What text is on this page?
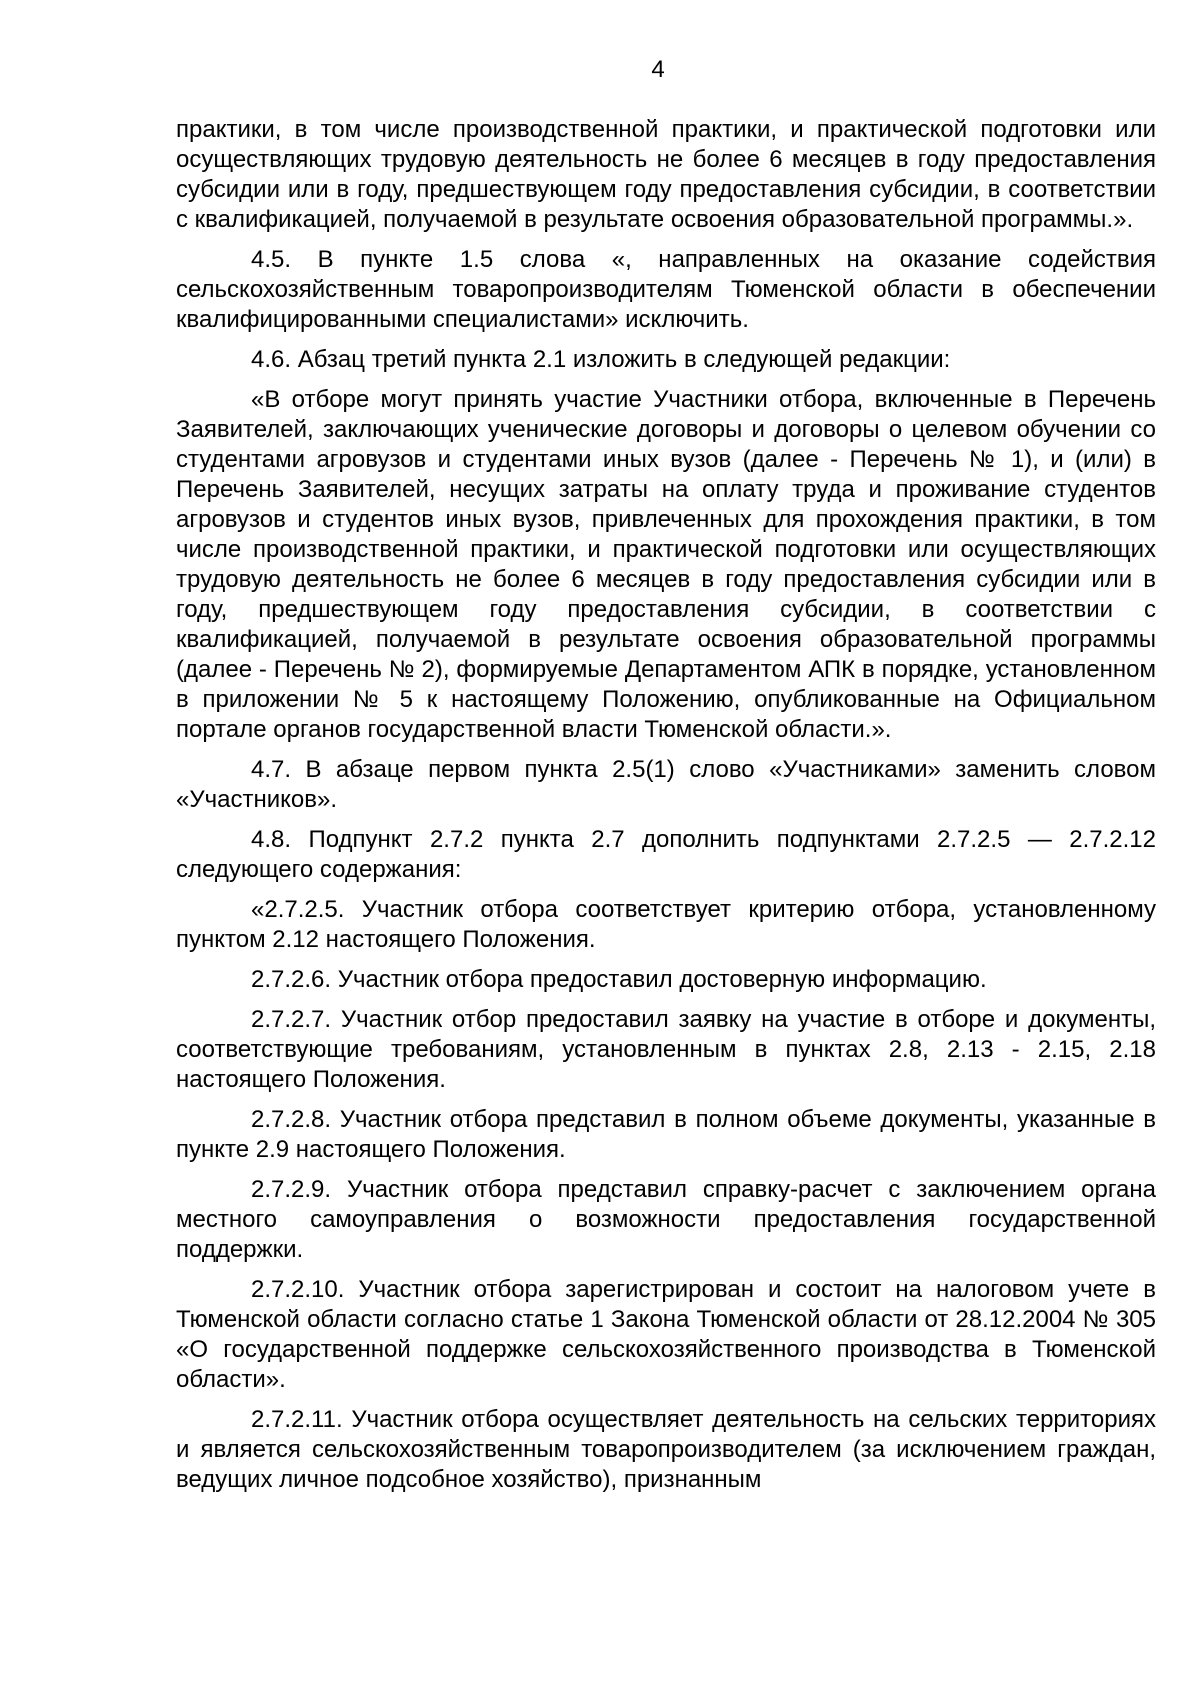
4

практики, в том числе производственной практики, и практической подготовки или осуществляющих трудовую деятельность не более 6 месяцев в году предоставления субсидии или в году, предшествующем году предоставления субсидии, в соответствии с квалификацией, получаемой в результате освоения образовательной программы.».

4.5. В пункте 1.5 слова «, направленных на оказание содействия сельскохозяйственным товаропроизводителям Тюменской области в обеспечении квалифицированными специалистами» исключить.

4.6. Абзац третий пункта 2.1 изложить в следующей редакции:

«В отборе могут принять участие Участники отбора, включенные в Перечень Заявителей, заключающих ученические договоры и договоры о целевом обучении со студентами агровузов и студентами иных вузов (далее - Перечень № 1), и (или) в Перечень Заявителей, несущих затраты на оплату труда и проживание студентов агровузов и студентов иных вузов, привлеченных для прохождения практики, в том числе производственной практики, и практической подготовки или осуществляющих трудовую деятельность не более 6 месяцев в году предоставления субсидии или в году, предшествующем году предоставления субсидии, в соответствии с квалификацией, получаемой в результате освоения образовательной программы (далее - Перечень № 2), формируемые Департаментом АПК в порядке, установленном в приложении № 5 к настоящему Положению, опубликованные на Официальном портале органов государственной власти Тюменской области.».

4.7. В абзаце первом пункта 2.5(1) слово «Участниками» заменить словом «Участников».

4.8. Подпункт 2.7.2 пункта 2.7 дополнить подпунктами 2.7.2.5 — 2.7.2.12 следующего содержания:

«2.7.2.5. Участник отбора соответствует критерию отбора, установленному пунктом 2.12 настоящего Положения.

2.7.2.6. Участник отбора предоставил достоверную информацию.

2.7.2.7. Участник отбор предоставил заявку на участие в отборе и документы, соответствующие требованиям, установленным в пунктах 2.8, 2.13 - 2.15, 2.18 настоящего Положения.

2.7.2.8. Участник отбора представил в полном объеме документы, указанные в пункте 2.9 настоящего Положения.

2.7.2.9. Участник отбора представил справку-расчет с заключением органа местного самоуправления о возможности предоставления государственной поддержки.

2.7.2.10. Участник отбора зарегистрирован и состоит на налоговом учете в Тюменской области согласно статье 1 Закона Тюменской области от 28.12.2004 № 305 «О государственной поддержке сельскохозяйственного производства в Тюменской области».

2.7.2.11. Участник отбора осуществляет деятельность на сельских территориях и является сельскохозяйственным товаропроизводителем (за исключением граждан, ведущих личное подсобное хозяйство), признанным
